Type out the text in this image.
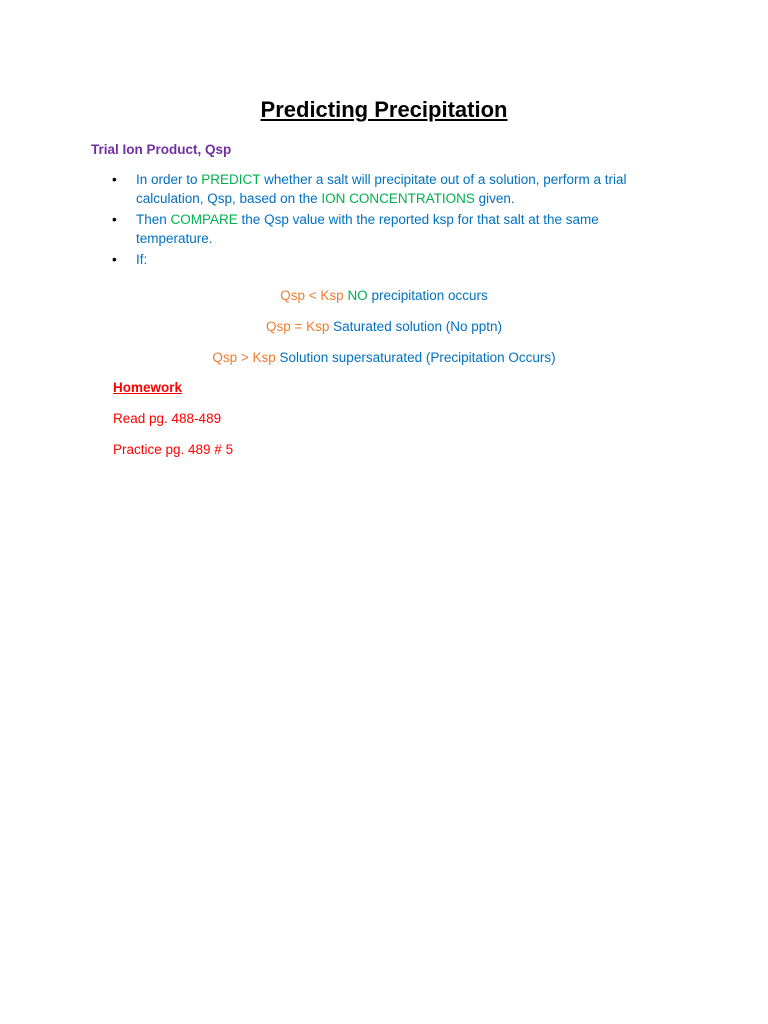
Predicting Precipitation
Trial Ion Product, Qsp
• In order to PREDICT whether a salt will precipitate out of a solution, perform a trial calculation, Qsp, based on the ION CONCENTRATIONS given.
• Then COMPARE the Qsp value with the reported ksp for that salt at the same temperature.
• If:
Qsp < Ksp NO precipitation occurs
Qsp = Ksp Saturated solution (No pptn)
Qsp > Ksp Solution supersaturated (Precipitation Occurs)
Homework
Read pg. 488-489
Practice pg. 489 # 5
